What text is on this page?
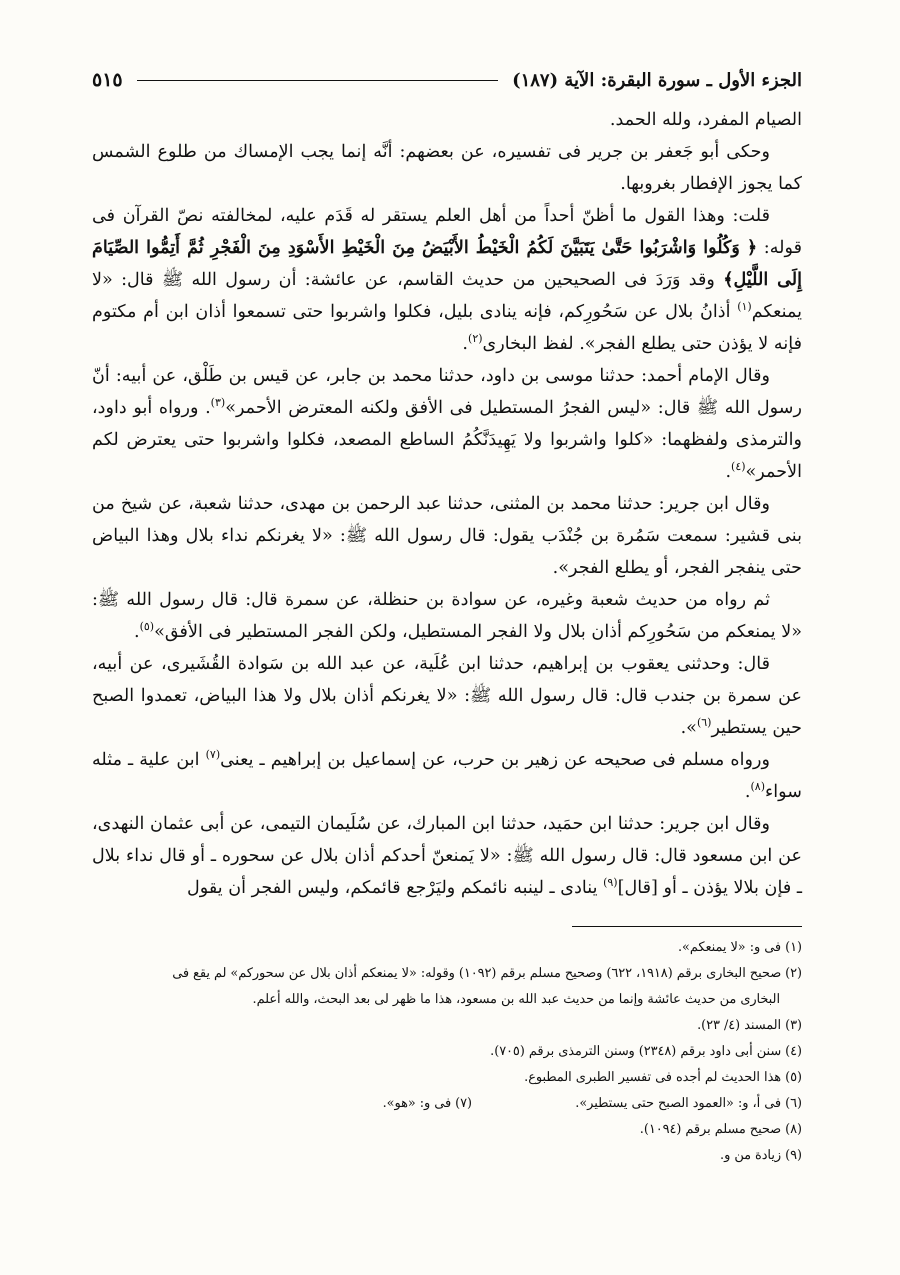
الجزء الأول ـ سورة البقرة: الآية (١٨٧)
٥١٥

الصيام المفرد، ولله الحمد.

وحكى أبو جَعفر بن جرير فى تفسيره، عن بعضهم: أنَّه إنما يجب الإمساك من طلوع الشمس كما يجوز الإفطار بغروبها.

قلت: وهذا القول ما أظنّ أحداً من أهل العلم يستقر له قَدَم عليه، لمخالفته نصّ القرآن فى قوله: ﴿ وَكُلُوا وَاشْرَبُوا حَتَّىٰ يَتَبَيَّنَ لَكُمُ الْخَيْطُ الأَبْيَضُ مِنَ الْخَيْطِ الأَسْوَدِ مِنَ الْفَجْرِ ثُمَّ أَتِمُّوا الصِّيَامَ إِلَى اللَّيْلِ﴾ وقد وَرَدَ فى الصحيحين من حديث القاسم، عن عائشة: أن رسول الله ﷺ قال: «لا يمنعكم$^{(١)}$ أذانُ بلال عن سَحُورِكم، فإنه ينادى بليل، فكلوا واشربوا حتى تسمعوا أذان ابن أم مكتوم فإنه لا يؤذن حتى يطلع الفجر». لفظ البخارى$^{(٢)}$.

وقال الإمام أحمد: حدثنا موسى بن داود، حدثنا محمد بن جابر، عن قيس بن طَلْق، عن أبيه: أنّ رسول الله ﷺ قال: «ليس الفجرُ المستطيل فى الأفق ولكنه المعترض الأحمر»$^{(٣)}$. ورواه أبو داود، والترمذى ولفظهما: «كلوا واشربوا ولا يَهِيدَنَّكُمُ الساطع المصعد، فكلوا واشربوا حتى يعترض لكم الأحمر»$^{(٤)}$.

وقال ابن جرير: حدثنا محمد بن المثنى، حدثنا عبد الرحمن بن مهدى، حدثنا شعبة، عن شيخ من بنى قشير: سمعت سَمُرة بن جُنْدَب يقول: قال رسول الله ﷺ: «لا يغرنكم نداء بلال وهذا البياض حتى ينفجر الفجر، أو يطلع الفجر».

ثم رواه من حديث شعبة وغيره، عن سوادة بن حنظلة، عن سمرة قال: قال رسول الله ﷺ: «لا يمنعكم من سَحُورِكم أذان بلال ولا الفجر المستطيل، ولكن الفجر المستطير فى الأفق»$^{(٥)}$.

قال: وحدثنى يعقوب بن إبراهيم، حدثنا ابن عُلَية، عن عبد الله بن سَوادة القُشَيرى، عن أبيه، عن سمرة بن جندب قال: قال رسول الله ﷺ: «لا يغرنكم أذان بلال ولا هذا البياض، تعمدوا الصبح حين يستطير$^{(٦)}$».

ورواه مسلم فى صحيحه عن زهير بن حرب، عن إسماعيل بن إبراهيم ـ يعنى$^{(٧)}$ ابن علية ـ مثله سواء$^{(٨)}$.

وقال ابن جرير: حدثنا ابن حمَيد، حدثنا ابن المبارك، عن سُلَيمان التيمى، عن أبى عثمان النهدى، عن ابن مسعود قال: قال رسول الله ﷺ: «لا يَمنعنّ أحدكم أذان بلال عن سحوره ـ أو قال نداء بلال ـ فإن بلالا يؤذن ـ أو [قال]$^{(٩)}$ ينادى ـ لينبه نائمكم وليَرْجع قائمكم، وليس الفجر أن يقول

(١) فى و: «لا يمنعكم».
(٢) صحيح البخارى برقم (١٩١٨، ٦٢٢) وصحيح مسلم برقم (١٠٩٢) وقوله: «لا يمنعكم أذان بلال عن سحوركم» لم يقع فى
البخارى من حديث عائشة وإنما من حديث عبد الله بن مسعود، هذا ما ظهر لى بعد البحث، والله أعلم.
(٣) المسند (٤/ ٢٣).
(٤) سنن أبى داود برقم (٢٣٤٨) وسنن الترمذى برقم (٧٠٥).
(٥) هذا الحديث لم أجده فى تفسير الطبرى المطبوع.
(٦) فى أ، و: «العمود الصبح حتى يستطير».
(٧) فى و: «هو».
(٨) صحيح مسلم برقم (١٠٩٤).
(٩) زيادة من و.
